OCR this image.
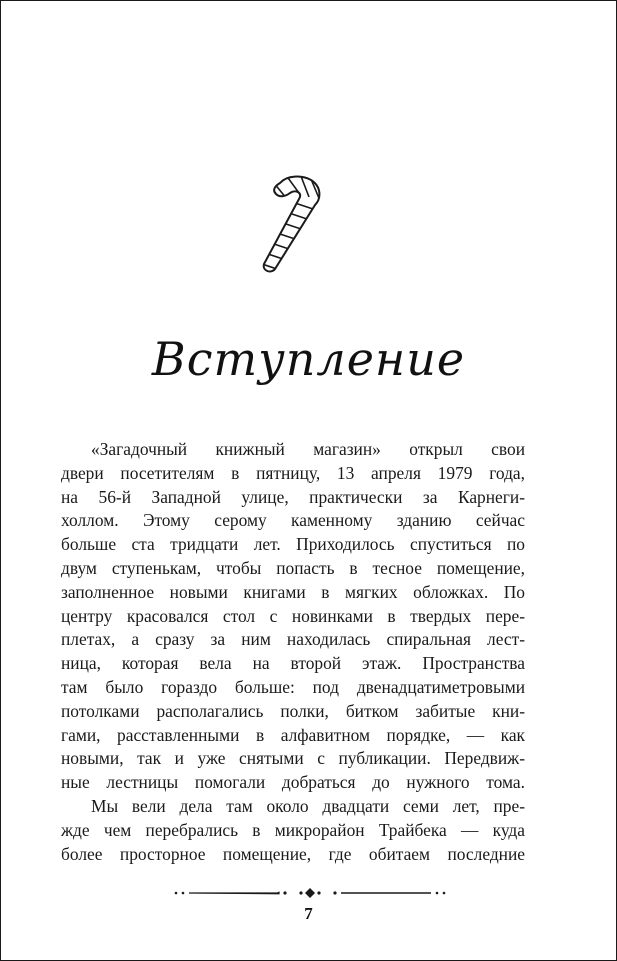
Вступление

«Загадочный книжный магазин» открыл свои
двери посетителям в пятницу, 13 апреля 1979 года,
на 56-й Западной улице, практически за Карнеги-
холлом. Этому серому каменному зданию сейчас
больше ста тридцати лет. Приходилось спуститься по
двум ступенькам, чтобы попасть в тесное помещение,
заполненное новыми книгами в мягких обложках. По
центру красовался стол с новинками в твердых пере-
плетах, а сразу за ним находилась спиральная лест-
ница, которая вела на второй этаж. Пространства
там было гораздо больше: под двенадцатиметровыми
потолками располагались полки, битком забитые кни-
гами, расставленными в алфавитном порядке, — как
новыми, так и уже снятыми с публикации. Передвиж-
ные лестницы помогали добраться до нужного тома.

Мы вели дела там около двадцати семи лет, пре-
жде чем перебрались в микрорайон Трайбека — куда
более просторное помещение, где обитаем последние

7
